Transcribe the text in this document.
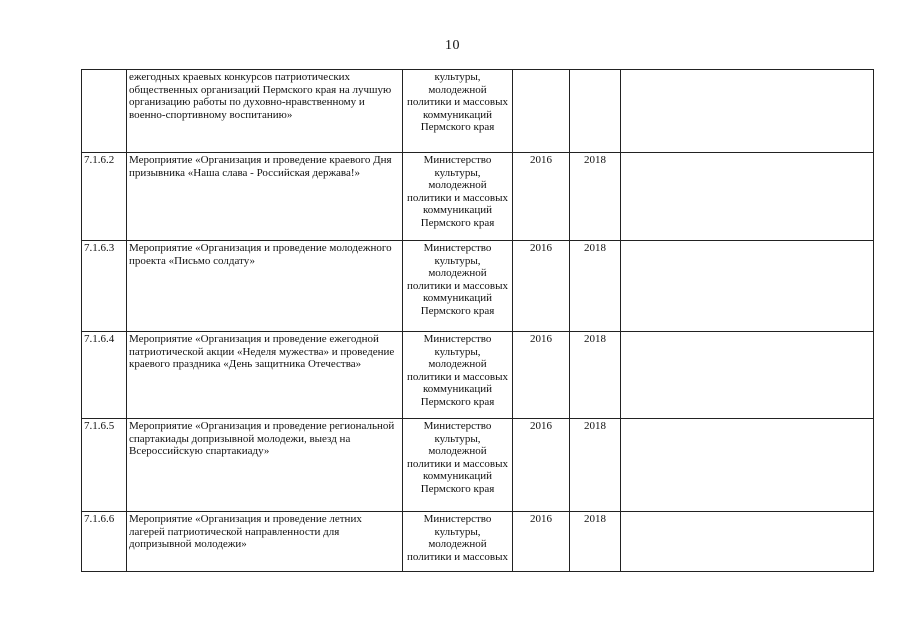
10
	ежегодных краевых конкурсов патриотических общественных организаций Пермского края на лучшую организацию работы по духовно-нравственному и военно-спортивному воспитанию»	культуры, молодежной политики и массовых коммуникаций Пермского края			
7.1.6.2	Мероприятие «Организация и проведение краевого Дня призывника «Наша слава - Российская держава!»	Министерство культуры, молодежной политики и массовых коммуникаций Пермского края	2016	2018	
7.1.6.3	Мероприятие «Организация и проведение молодежного проекта «Письмо солдату»	Министерство культуры, молодежной политики и массовых коммуникаций Пермского края	2016	2018	
7.1.6.4	Мероприятие «Организация и проведение ежегодной патриотической акции «Неделя мужества» и проведение краевого праздника «День защитника Отечества»	Министерство культуры, молодежной политики и массовых коммуникаций Пермского края	2016	2018	
7.1.6.5	Мероприятие «Организация и проведение региональной спартакиады допризывной молодежи, выезд на Всероссийскую спартакиаду»	Министерство культуры, молодежной политики и массовых коммуникаций Пермского края	2016	2018	
7.1.6.6	Мероприятие «Организация и проведение летних лагерей патриотической направленности для допризывной молодежи»	Министерство культуры, молодежной политики и массовых	2016	2018	
